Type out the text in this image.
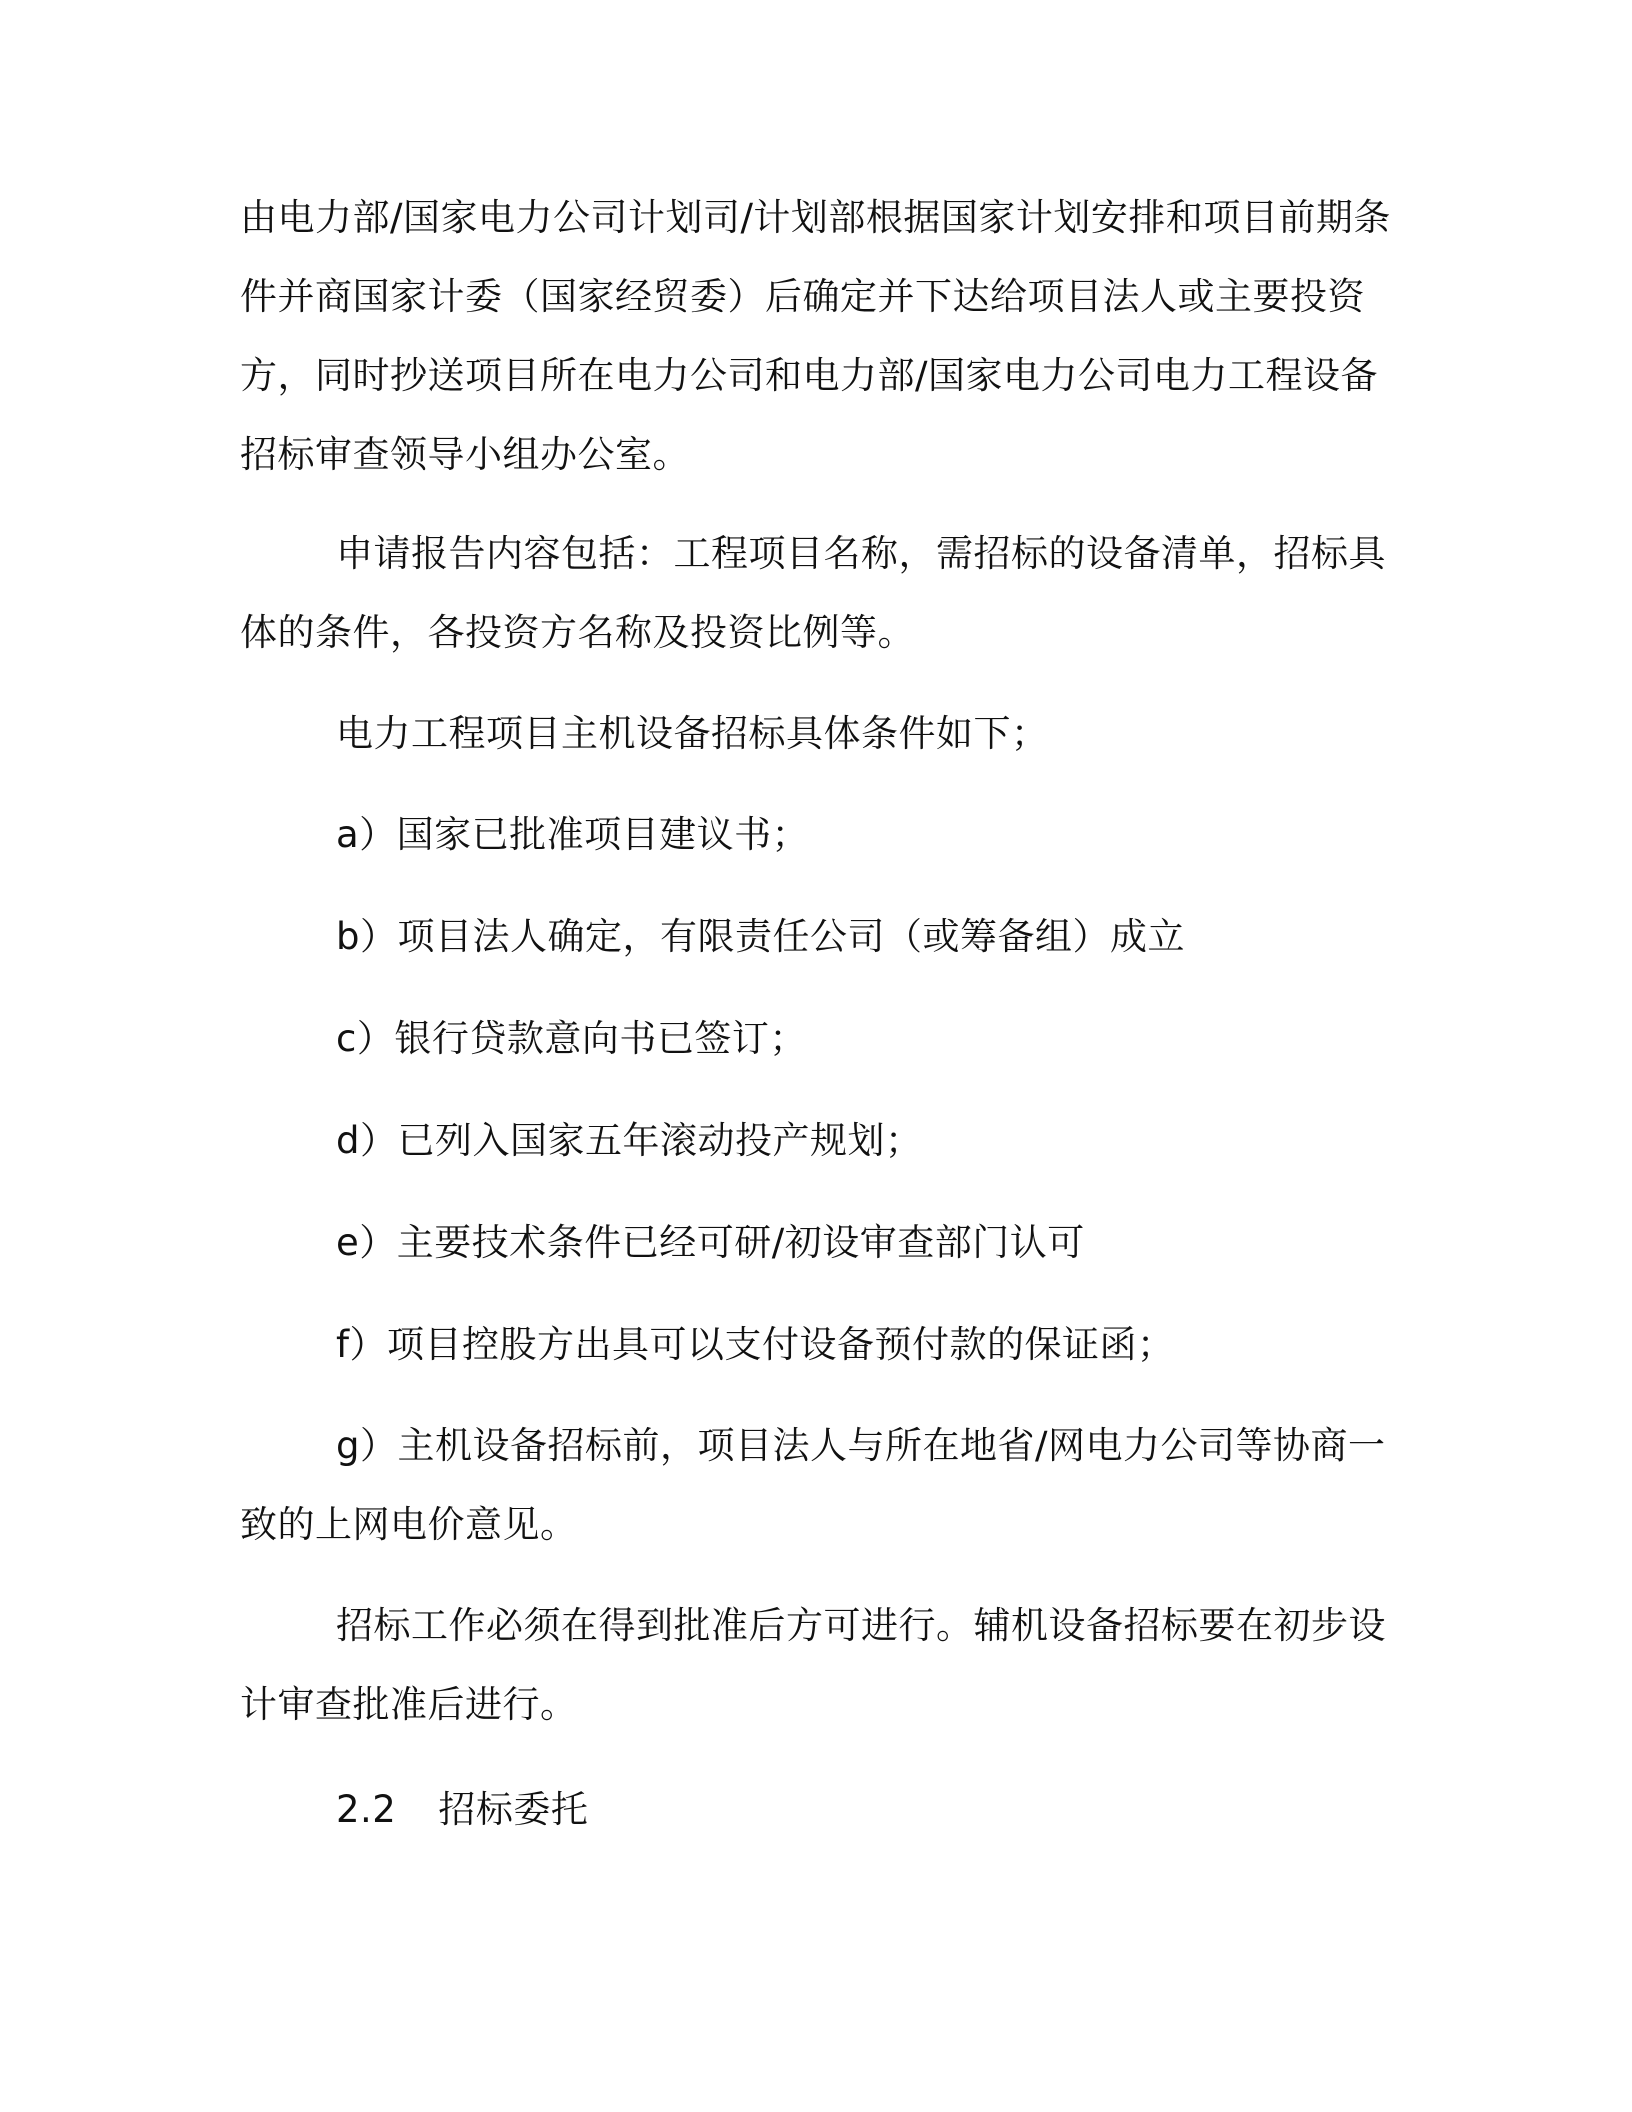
由电力部/国家电力公司计划司/计划部根据国家计划安排和项目前期条
件并商国家计委（国家经贸委）后确定并下达给项目法人或主要投资
方，同时抄送项目所在电力公司和电力部/国家电力公司电力工程设备
招标审查领导小组办公室。
申请报告内容包括：工程项目名称，需招标的设备清单，招标具
体的条件，各投资方名称及投资比例等。
电力工程项目主机设备招标具体条件如下；
a）国家已批准项目建议书；
b）项目法人确定，有限责任公司（或筹备组）成立
c）银行贷款意向书已签订；
d）已列入国家五年滚动投产规划；
e）主要技术条件已经可研/初设审查部门认可
f）项目控股方出具可以支付设备预付款的保证函；
g）主机设备招标前，项目法人与所在地省/网电力公司等协商一
致的上网电价意见。
招标工作必须在得到批准后方可进行。辅机设备招标要在初步设
计审查批准后进行。
2.2 招标委托
